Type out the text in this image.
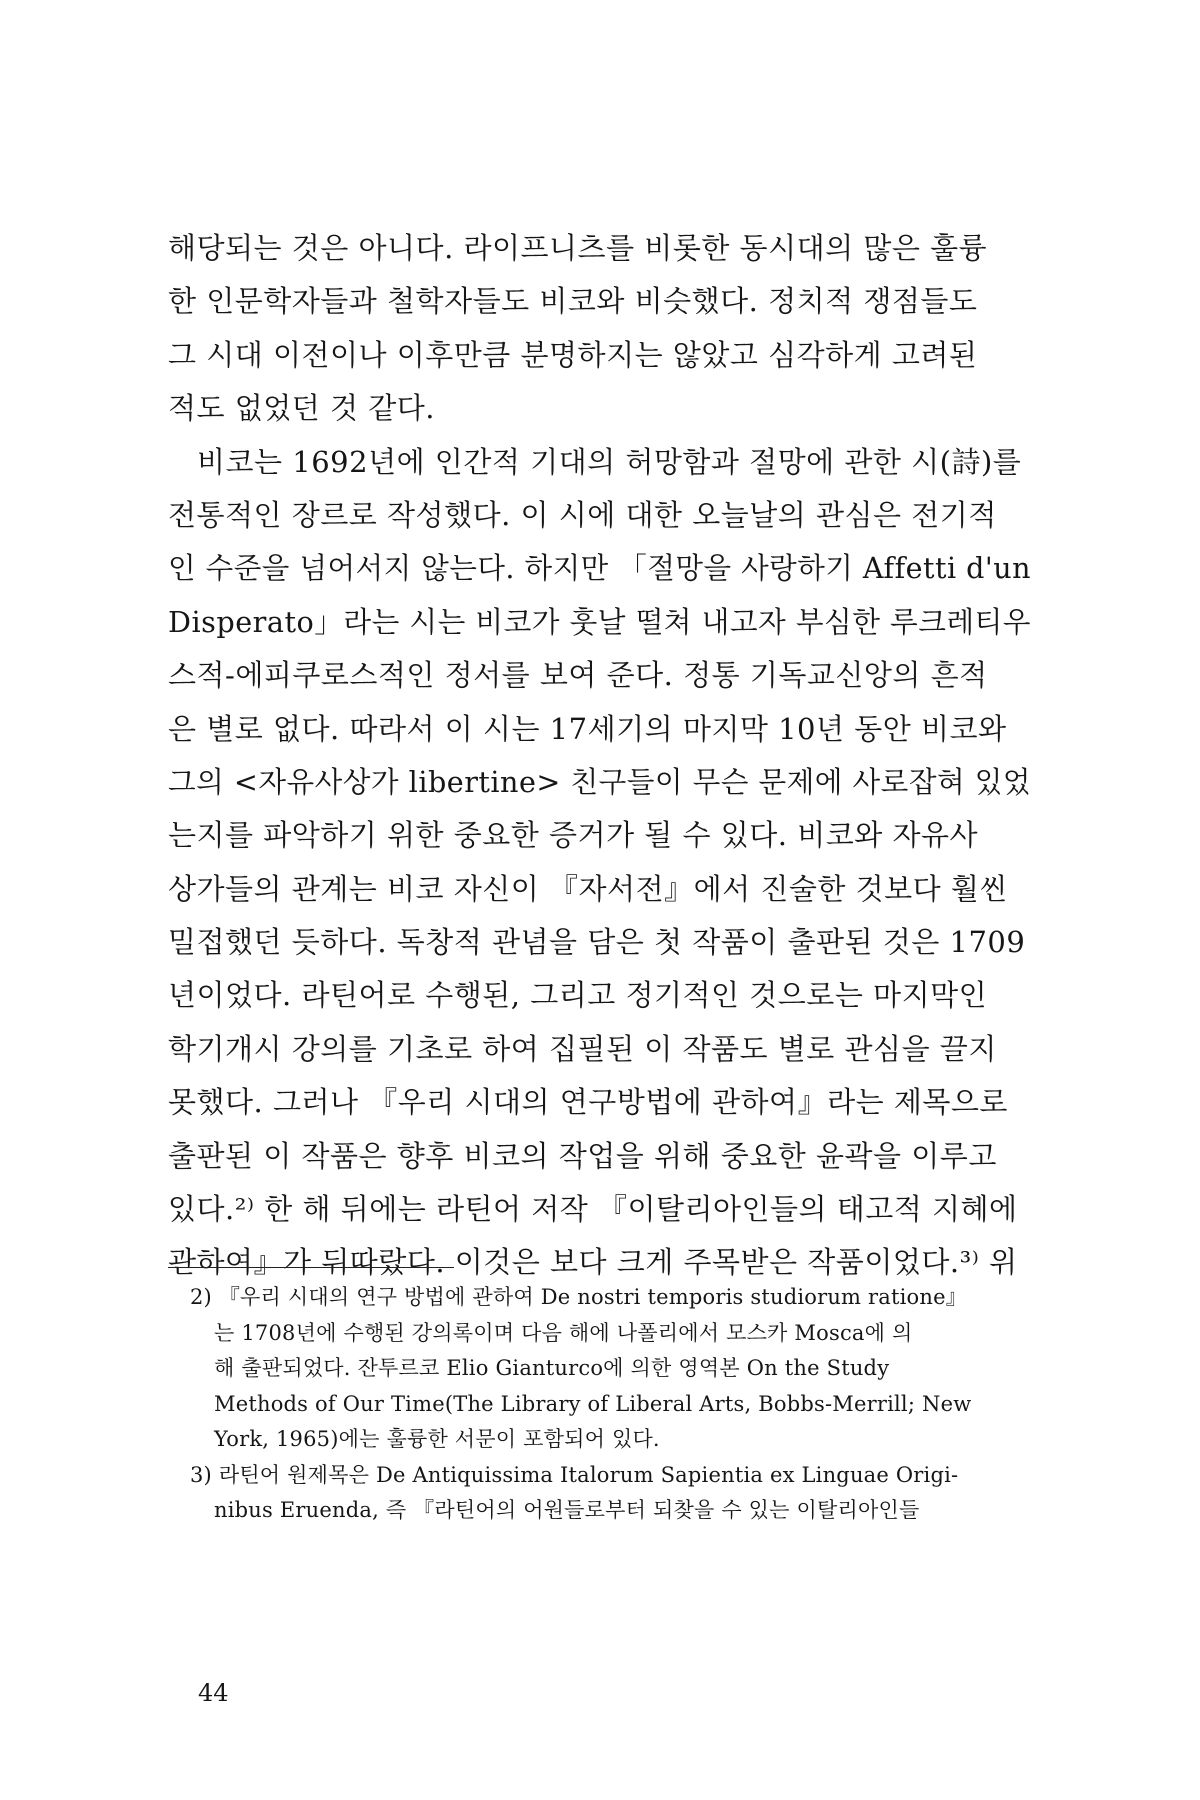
해당되는 것은 아니다. 라이프니츠를 비롯한 동시대의 많은 훌륭
한 인문학자들과 철학자들도 비코와 비슷했다. 정치적 쟁점들도
그 시대 이전이나 이후만큼 분명하지는 않았고 심각하게 고려된
적도 없었던 것 같다.
비코는 1692년에 인간적 기대의 허망함과 절망에 관한 시(詩)를
전통적인 장르로 작성했다. 이 시에 대한 오늘날의 관심은 전기적
인 수준을 넘어서지 않는다. 하지만 「절망을 사랑하기 Affetti d'un
Disperato」라는 시는 비코가 훗날 떨쳐 내고자 부심한 루크레티우
스적-에피쿠로스적인 정서를 보여 준다. 정통 기독교신앙의 흔적
은 별로 없다. 따라서 이 시는 17세기의 마지막 10년 동안 비코와
그의 <자유사상가 libertine> 친구들이 무슨 문제에 사로잡혀 있었
는지를 파악하기 위한 중요한 증거가 될 수 있다. 비코와 자유사
상가들의 관계는 비코 자신이 『자서전』에서 진술한 것보다 훨씬
밀접했던 듯하다. 독창적 관념을 담은 첫 작품이 출판된 것은 1709
년이었다. 라틴어로 수행된, 그리고 정기적인 것으로는 마지막인
학기개시 강의를 기초로 하여 집필된 이 작품도 별로 관심을 끌지
못했다. 그러나 『우리 시대의 연구방법에 관하여』라는 제목으로
출판된 이 작품은 향후 비코의 작업을 위해 중요한 윤곽을 이루고
있다.²⁾ 한 해 뒤에는 라틴어 저작 『이탈리아인들의 태고적 지혜에
관하여』가 뒤따랐다. 이것은 보다 크게 주목받은 작품이었다.³⁾ 위
2) 『우리 시대의 연구 방법에 관하여 De nostri temporis studiorum ratione』
는 1708년에 수행된 강의록이며 다음 해에 나폴리에서 모스카 Mosca에 의
해 출판되었다. 잔투르코 Elio Gianturco에 의한 영역본 On the Study
Methods of Our Time(The Library of Liberal Arts, Bobbs-Merrill; New
York, 1965)에는 훌륭한 서문이 포함되어 있다.
3) 라틴어 원제목은 De Antiquissima Italorum Sapientia ex Linguae Origi-
nibus Eruenda, 즉 『라틴어의 어원들로부터 되찾을 수 있는 이탈리아인들
44
